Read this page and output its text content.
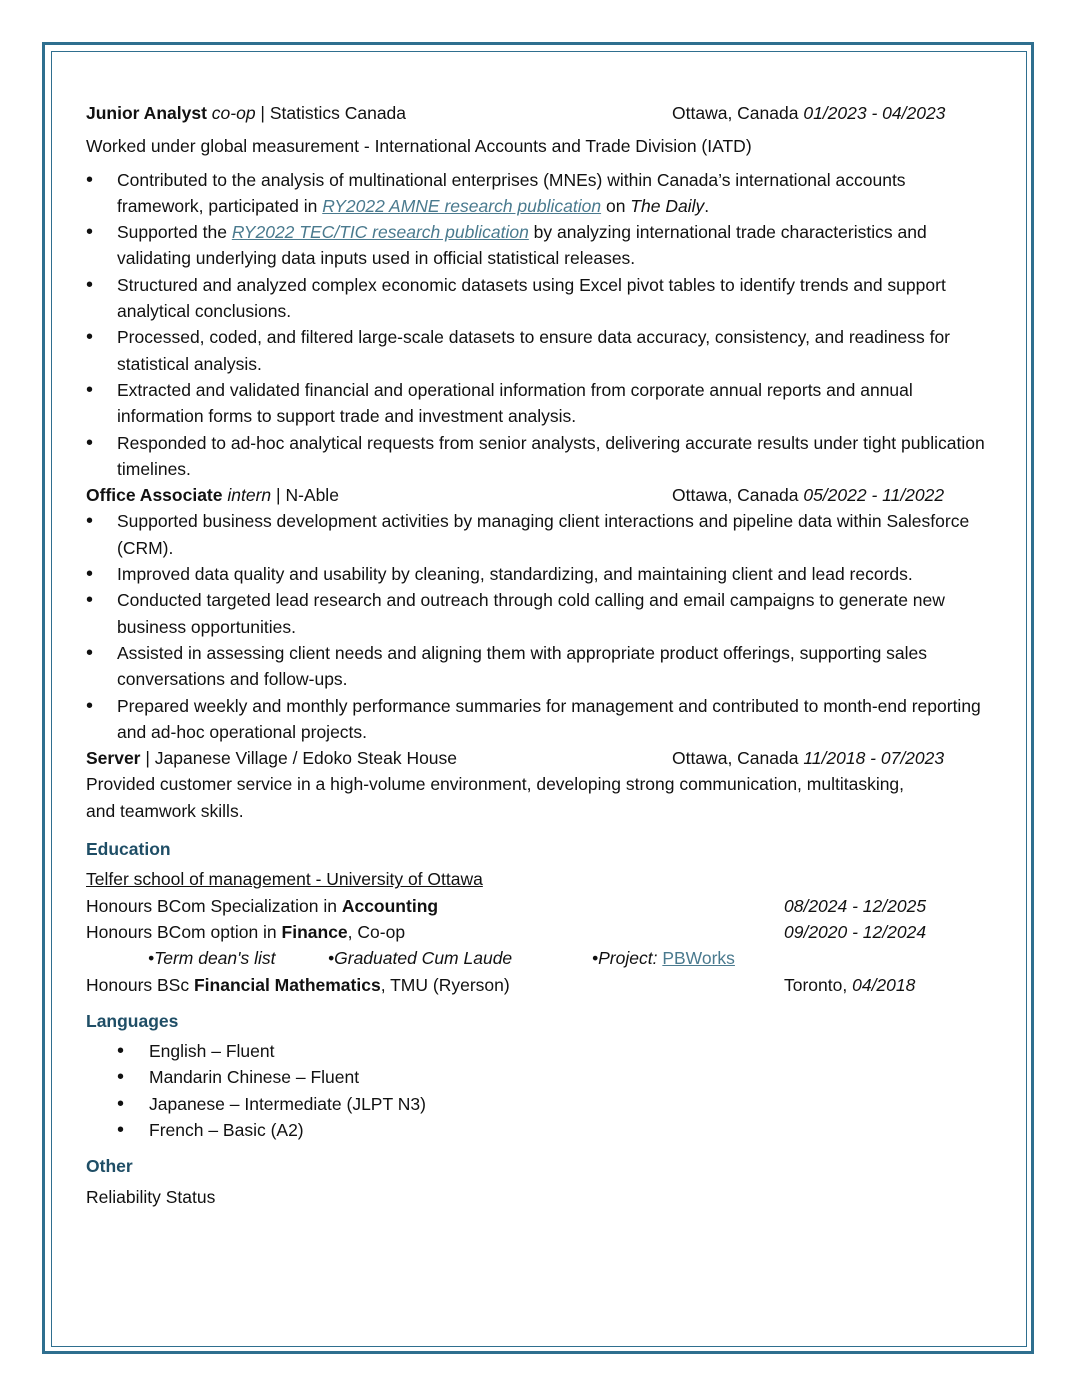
Junior Analyst co-op | Statistics Canada	Ottawa, Canada 01/2023 - 04/2023
Worked under global measurement - International Accounts and Trade Division (IATD)
• Contributed to the analysis of multinational enterprises (MNEs) within Canada’s international accounts framework, participated in RY2022 AMNE research publication on The Daily.
• Supported the RY2022 TEC/TIC research publication by analyzing international trade characteristics and validating underlying data inputs used in official statistical releases.
• Structured and analyzed complex economic datasets using Excel pivot tables to identify trends and support analytical conclusions.
• Processed, coded, and filtered large-scale datasets to ensure data accuracy, consistency, and readiness for statistical analysis.
• Extracted and validated financial and operational information from corporate annual reports and annual information forms to support trade and investment analysis.
• Responded to ad-hoc analytical requests from senior analysts, delivering accurate results under tight publication timelines.
Office Associate intern | N-Able	Ottawa, Canada 05/2022 - 11/2022
• Supported business development activities by managing client interactions and pipeline data within Salesforce (CRM).
• Improved data quality and usability by cleaning, standardizing, and maintaining client and lead records.
• Conducted targeted lead research and outreach through cold calling and email campaigns to generate new business opportunities.
• Assisted in assessing client needs and aligning them with appropriate product offerings, supporting sales conversations and follow-ups.
• Prepared weekly and monthly performance summaries for management and contributed to month-end reporting and ad-hoc operational projects.
Server | Japanese Village / Edoko Steak House	Ottawa, Canada 11/2018 - 07/2023
Provided customer service in a high-volume environment, developing strong communication, multitasking, and teamwork skills.
Education
Telfer school of management - University of Ottawa
Honours BCom Specialization in Accounting	08/2024 - 12/2025
Honours BCom option in Finance, Co-op	09/2020 - 12/2024
•Term dean's list	•Graduated Cum Laude	•Project: PBWorks
Honours BSc Financial Mathematics, TMU (Ryerson)	Toronto, 04/2018
Languages
• English – Fluent
• Mandarin Chinese – Fluent
• Japanese – Intermediate (JLPT N3)
• French – Basic (A2)
Other
Reliability Status
